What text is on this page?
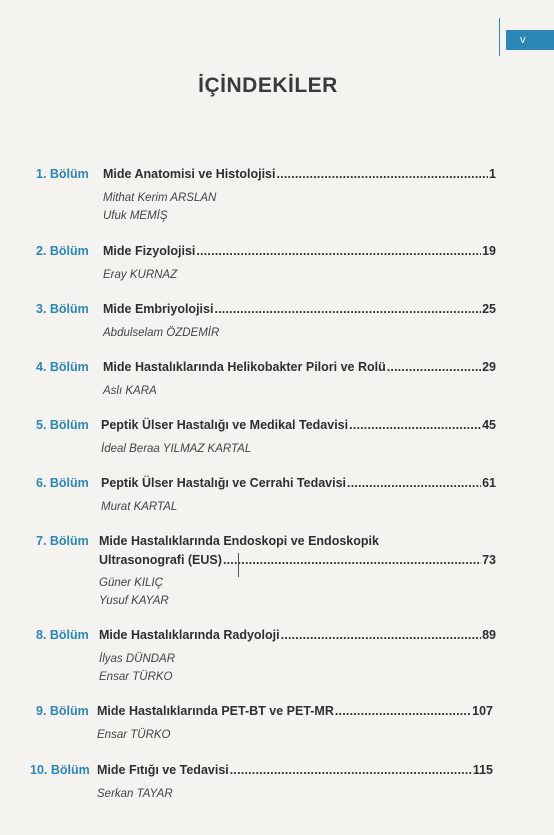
v
İÇİNDEKİLER
1. Bölüm Mide Anatomisi ve Histolojisi .....	1
Mithat Kerim ARSLAN
Ufuk MEMİŞ
2. Bölüm Mide Fizyolojisi .....	19
Eray KURNAZ
3. Bölüm Mide Embriyolojisi .....	25
Abdulselam ÖZDEMİR
4. Bölüm Mide Hastalıklarında Helikobakter Pilori ve Rolü .....	29
Aslı KARA
5. Bölüm Peptik Ülser Hastalığı ve Medikal Tedavisi .....	45
İdeal Beraa YILMAZ KARTAL
6. Bölüm Peptik Ülser Hastalığı ve Cerrahi Tedavisi .....	61
Murat KARTAL
7. Bölüm Mide Hastalıklarında Endoskopi ve Endoskopik
Ultrasonografi (EUS) .....	73
Güner KILIÇ
Yusuf KAYAR
8. Bölüm Mide Hastalıklarında Radyoloji .....	89
İlyas DÜNDAR
Ensar TÜRKO
9. Bölüm Mide Hastalıklarında PET-BT ve PET-MR .....	107
Ensar TÜRKO
10. Bölüm Mide Fıtığı ve Tedavisi .....	115
Serkan TAYAR
